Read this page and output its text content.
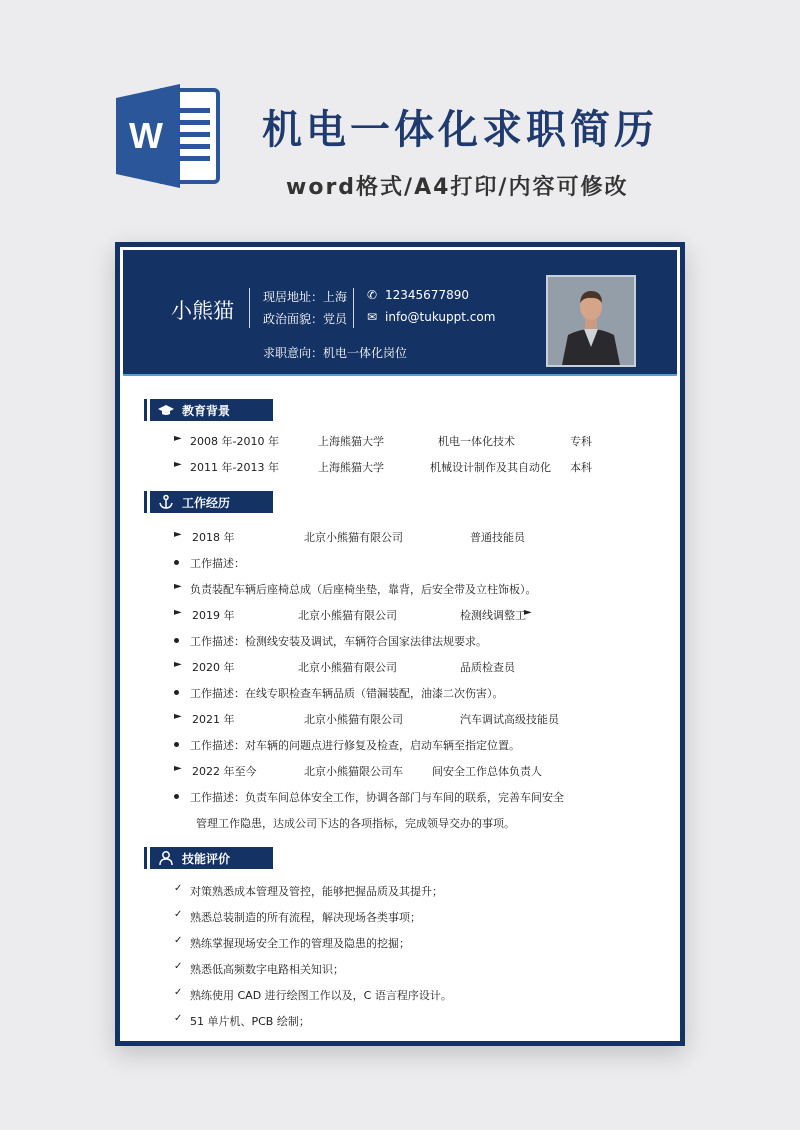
W 机电一体化求职简历
word格式/A4打印/内容可修改
小熊猫
现居地址：上海
政治面貌：党员
✆ 12345677890
✉ info@tukuppt.com
求职意向：机电一体化岗位
教育背景
► 2008 年-2010 年	上海熊猫大学	机电一体化技术	专科
► 2011 年-2013 年	上海熊猫大学	机械设计制作及其自动化 本科
工作经历
► 2018 年	北京小熊猫有限公司	普通技能员
工作描述：
► 负责装配车辆后座椅总成（后座椅坐垫，靠背，后安全带及立柱饰板）。
► 2019 年	北京小熊猫有限公司	检测线调整工
►
工作描述：检测线安装及调试，车辆符合国家法律法规要求。
► 2020 年	北京小熊猫有限公司	品质检查员
工作描述：在线专职检查车辆品质（错漏装配，油漆二次伤害）。
► 2021 年	北京小熊猫有限公司	汽车调试高级技能员
工作描述：对车辆的问题点进行修复及检查，启动车辆至指定位置。
► 2022 年至今	北京小熊猫限公司车	间安全工作总体负责人
工作描述：负责车间总体安全工作，协调各部门与车间的联系，完善车间安全
管理工作隐患，达成公司下达的各项指标，完成领导交办的事项。
技能评价
✓ 对策熟悉成本管理及管控，能够把握品质及其提升；
✓ 熟悉总装制造的所有流程，解决现场各类事项；
✓ 熟练掌握现场安全工作的管理及隐患的挖掘；
✓ 熟悉低高频数字电路相关知识；
✓ 熟练使用 CAD 进行绘图工作以及，C 语言程序设计。
✓ 51 单片机、PCB 绘制；
